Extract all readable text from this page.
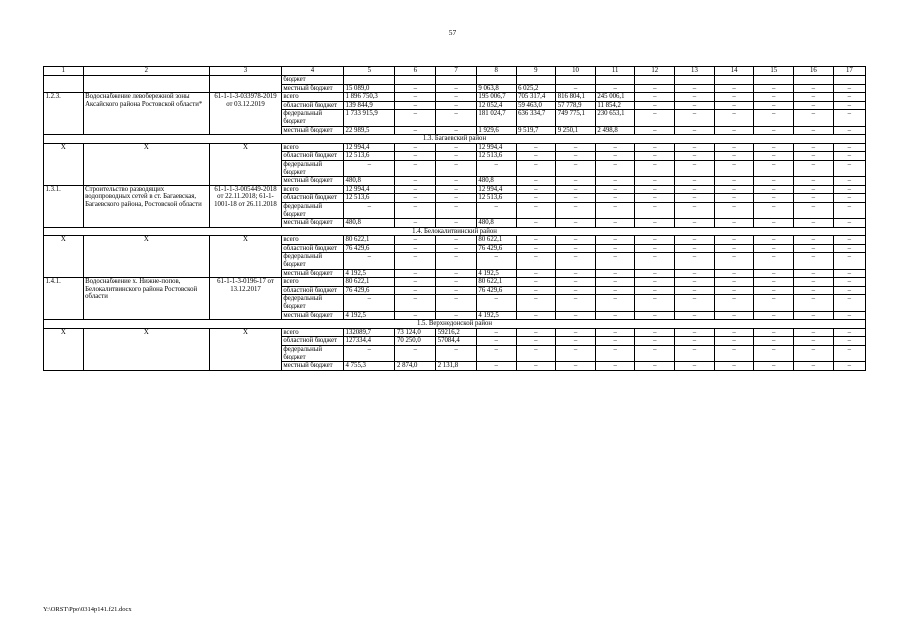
57
1	2	3	4	5	6	7	8	9	10	11	12	13	14	15	16	17
			бюджет													
			местный бюджет	15 089,0	–	–	9 063,8	6 025,2	–	–	–	–	–	–	–	–
1.2.3.	Водоснабжение левобережной зоны Аксайского района Ростовской области*	61-1-1-3-033978-2019 от 03.12.2019	всего	1 896 750,3	–	–	195 006,7	705 317,4	816 804,1	245 006,1	–	–	–	–	–	–
			областной бюджет	139 844,9	–	–	12 052,4	59 463,0	57 778,9	11 854,2	–	–	–	–	–	–
			федеральный бюджет	1 733 915,9	–	–	181 024,7	636 334,7	749 775,1	230 653,1	–	–	–	–	–	–
			местный бюджет	22 989,5	–	–	1 929,6	9 519,7	9 250,1	2 498,8	–	–	–	–	–	–
1.3. Багаевский район																
Х	Х	Х	всего	12 994,4	–	–	12 994,4	–	–	–	–	–	–	–	–	–
			областной бюджет	12 513,6	–	–	12 513,6	–	–	–	–	–	–	–	–	–
			федеральный бюджет	–	–	–	–	–	–	–	–	–	–	–	–	–
			местный бюджет	480,8	–	–	480,8	–	–	–	–	–	–	–	–	–
1.3.1.	Строительство разводящих водопроводных сетей в ст. Багаевская, Багаевского района, Ростовской области	61-1-1-3-005449-2018 от 22.11.2018; 61-1-1001-18 от 26.11.2018	всего	12 994,4	–	–	12 994,4	–	–	–	–	–	–	–	–	–
			областной бюджет	12 513,6	–	–	12 513,6	–	–	–	–	–	–	–	–	–
			федеральный бюджет	–	–	–	–	–	–	–	–	–	–	–	–	–
			местный бюджет	480,8	–	–	480,8	–	–	–	–	–	–	–	–	–
1.4. Белокалитвинский район																
Х	Х	Х	всего	80 622,1	–	–	80 622,1	–	–	–	–	–	–	–	–	–
			областной бюджет	76 429,6	–	–	76 429,6	–	–	–	–	–	–	–	–	–
			федеральный бюджет	–	–	–	–	–	–	–	–	–	–	–	–	–
			местный бюджет	4 192,5	–	–	4 192,5	–	–	–	–	–	–	–	–	–
1.4.1.	Водоснабжение х. Нижне-попов, Белокалитвинского района Ростовской области	61-1-1-3-0196-17 от 13.12.2017	всего	80 622,1	–	–	80 622,1	–	–	–	–	–	–	–	–	–
			областной бюджет	76 429,6	–	–	76 429,6	–	–	–	–	–	–	–	–	–
			федеральный бюджет	–	–	–	–	–	–	–	–	–	–	–	–	–
			местный бюджет	4 192,5	–	–	4 192,5	–	–	–	–	–	–	–	–	–
1.5. Верхнедонской район																
Х	Х	Х	всего	132089,7	73 124,0	59216,2	–	–	–	–	–	–	–	–	–	–
			областной бюджет	127334,4	70 250,0	57084,4	–	–	–	–	–	–	–	–	–	–
			федеральный бюджет	–	–	–	–	–	–	–	–	–	–	–	–	–
			местный бюджет	4 755,3	2 874,0	2 131,8	–	–	–	–	–	–	–	–	–	–
Y:\ORST\Ppo\0314p141.f21.docx
